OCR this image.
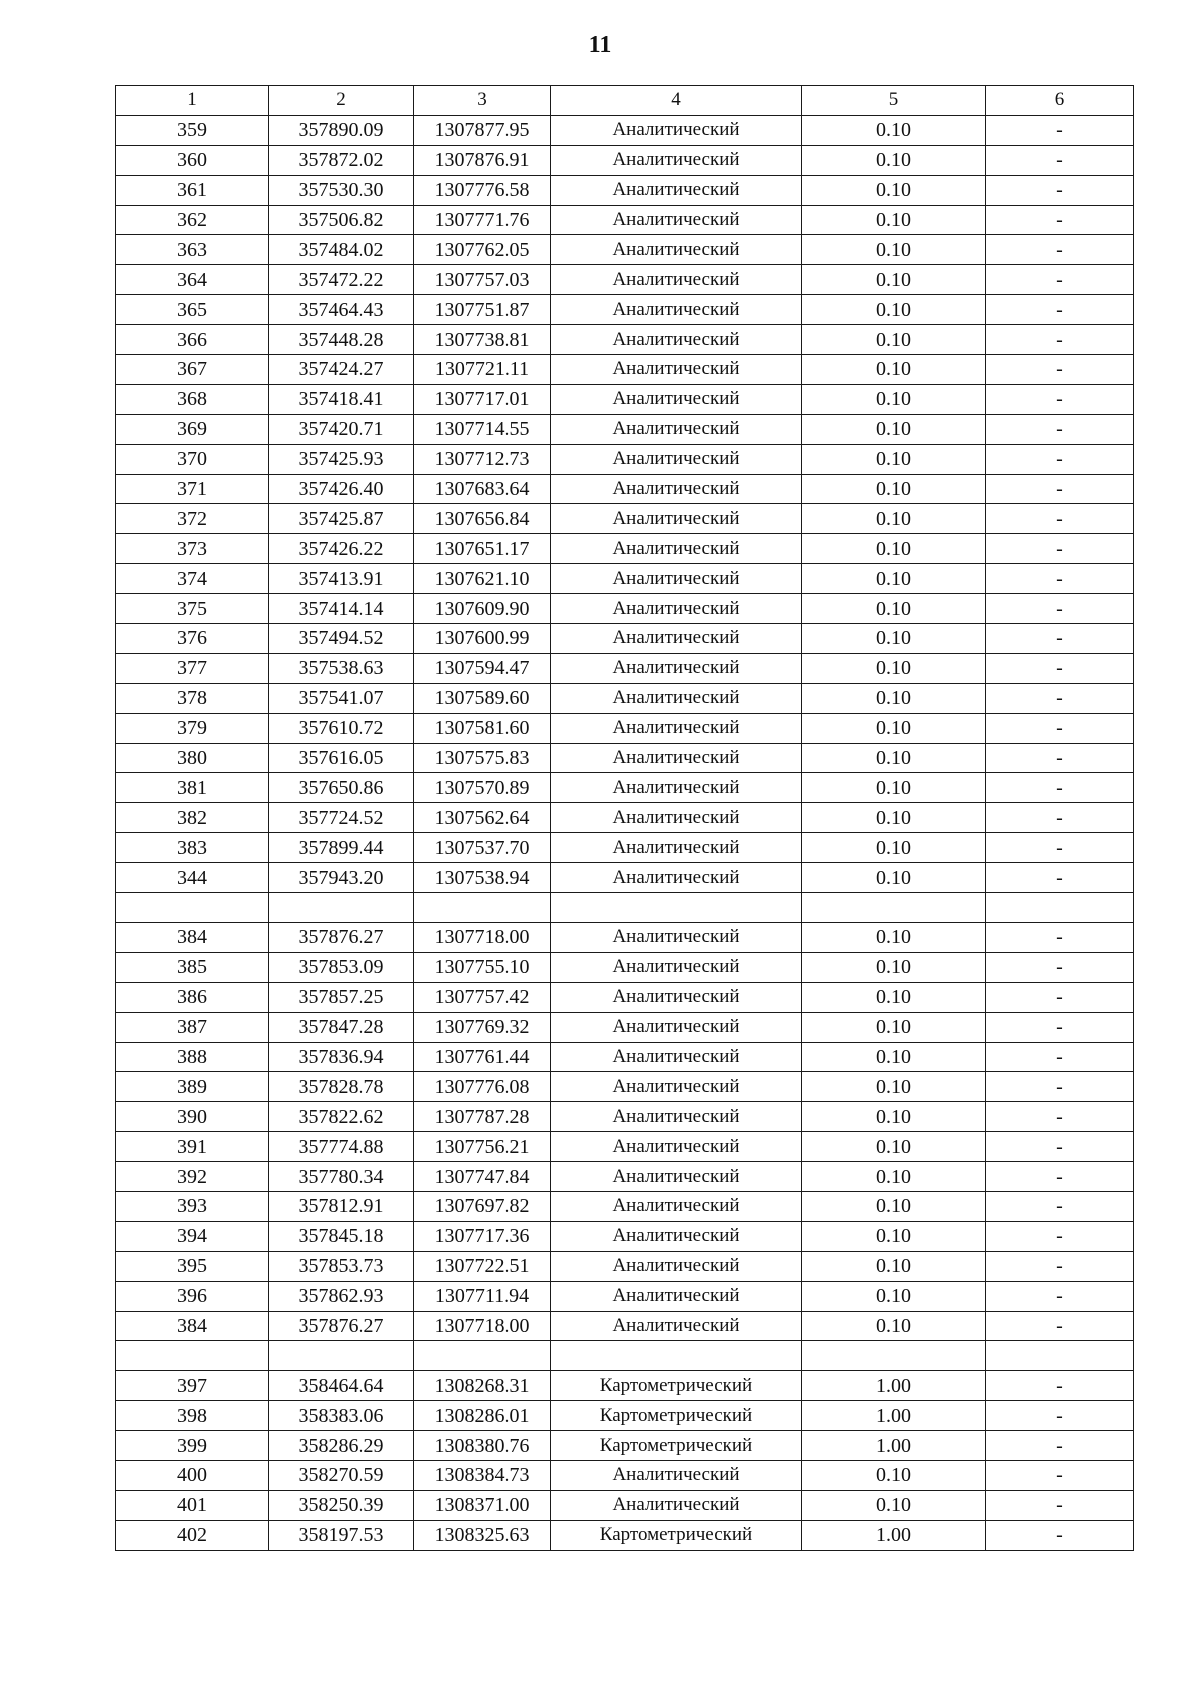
11
1	2	3	4	5	6
359	357890.09	1307877.95	Аналитический	0.10	-
360	357872.02	1307876.91	Аналитический	0.10	-
361	357530.30	1307776.58	Аналитический	0.10	-
362	357506.82	1307771.76	Аналитический	0.10	-
363	357484.02	1307762.05	Аналитический	0.10	-
364	357472.22	1307757.03	Аналитический	0.10	-
365	357464.43	1307751.87	Аналитический	0.10	-
366	357448.28	1307738.81	Аналитический	0.10	-
367	357424.27	1307721.11	Аналитический	0.10	-
368	357418.41	1307717.01	Аналитический	0.10	-
369	357420.71	1307714.55	Аналитический	0.10	-
370	357425.93	1307712.73	Аналитический	0.10	-
371	357426.40	1307683.64	Аналитический	0.10	-
372	357425.87	1307656.84	Аналитический	0.10	-
373	357426.22	1307651.17	Аналитический	0.10	-
374	357413.91	1307621.10	Аналитический	0.10	-
375	357414.14	1307609.90	Аналитический	0.10	-
376	357494.52	1307600.99	Аналитический	0.10	-
377	357538.63	1307594.47	Аналитический	0.10	-
378	357541.07	1307589.60	Аналитический	0.10	-
379	357610.72	1307581.60	Аналитический	0.10	-
380	357616.05	1307575.83	Аналитический	0.10	-
381	357650.86	1307570.89	Аналитический	0.10	-
382	357724.52	1307562.64	Аналитический	0.10	-
383	357899.44	1307537.70	Аналитический	0.10	-
344	357943.20	1307538.94	Аналитический	0.10	-

384	357876.27	1307718.00	Аналитический	0.10	-
385	357853.09	1307755.10	Аналитический	0.10	-
386	357857.25	1307757.42	Аналитический	0.10	-
387	357847.28	1307769.32	Аналитический	0.10	-
388	357836.94	1307761.44	Аналитический	0.10	-
389	357828.78	1307776.08	Аналитический	0.10	-
390	357822.62	1307787.28	Аналитический	0.10	-
391	357774.88	1307756.21	Аналитический	0.10	-
392	357780.34	1307747.84	Аналитический	0.10	-
393	357812.91	1307697.82	Аналитический	0.10	-
394	357845.18	1307717.36	Аналитический	0.10	-
395	357853.73	1307722.51	Аналитический	0.10	-
396	357862.93	1307711.94	Аналитический	0.10	-
384	357876.27	1307718.00	Аналитический	0.10	-

397	358464.64	1308268.31	Картометрический	1.00	-
398	358383.06	1308286.01	Картометрический	1.00	-
399	358286.29	1308380.76	Картометрический	1.00	-
400	358270.59	1308384.73	Аналитический	0.10	-
401	358250.39	1308371.00	Аналитический	0.10	-
402	358197.53	1308325.63	Картометрический	1.00	-
